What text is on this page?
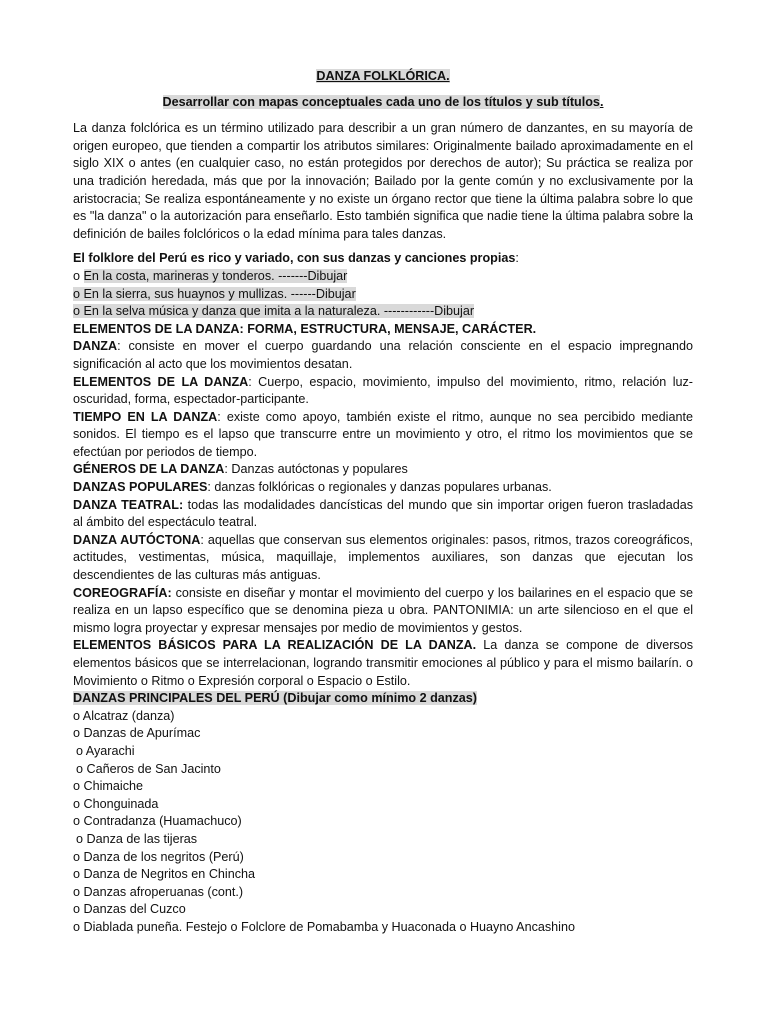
DANZA FOLKLÓRICA.

Desarrollar con mapas conceptuales cada uno de los títulos y sub títulos.

La danza folclórica es un término utilizado para describir a un gran número de danzantes, en su mayoría de origen europeo, que tienden a compartir los atributos similares: Originalmente bailado aproximadamente en el siglo XIX o antes (en cualquier caso, no están protegidos por derechos de autor); Su práctica se realiza por una tradición heredada, más que por la innovación; Bailado por la gente común y no exclusivamente por la aristocracia; Se realiza espontáneamente y no existe un órgano rector que tiene la última palabra sobre lo que es "la danza" o la autorización para enseñarlo. Esto también significa que nadie tiene la última palabra sobre la definición de bailes folclóricos o la edad mínima para tales danzas.

El folklore del Perú es rico y variado, con sus danzas y canciones propias:

o En la costa, marineras y tonderos. -------Dibujar
o En la sierra, sus huaynos y mullizas. ------Dibujar
o En la selva música y danza que imita a la naturaleza. ------------Dibujar

ELEMENTOS DE LA DANZA: FORMA, ESTRUCTURA, MENSAJE, CARÁCTER.

DANZA: consiste en mover el cuerpo guardando una relación consciente en el espacio impregnando significación al acto que los movimientos desatan.

ELEMENTOS DE LA DANZA: Cuerpo, espacio, movimiento, impulso del movimiento, ritmo, relación luz-oscuridad, forma, espectador-participante.

TIEMPO EN LA DANZA: existe como apoyo, también existe el ritmo, aunque no sea percibido mediante sonidos. El tiempo es el lapso que transcurre entre un movimiento y otro, el ritmo los movimientos que se efectúan por periodos de tiempo.

GÉNEROS DE LA DANZA: Danzas autóctonas y populares

DANZAS POPULARES: danzas folklóricas o regionales y danzas populares urbanas.

DANZA TEATRAL: todas las modalidades dancísticas del mundo que sin importar origen fueron trasladadas al ámbito del espectáculo teatral.

DANZA AUTÓCTONA: aquellas que conservan sus elementos originales: pasos, ritmos, trazos coreográficos, actitudes, vestimentas, música, maquillaje, implementos auxiliares, son danzas que ejecutan los descendientes de las culturas más antiguas.

COREOGRAFÍA: consiste en diseñar y montar el movimiento del cuerpo y los bailarines en el espacio que se realiza en un lapso específico que se denomina pieza u obra. PANTONIMIA: un arte silencioso en el que el mismo logra proyectar y expresar mensajes por medio de movimientos y gestos.

ELEMENTOS BÁSICOS PARA LA REALIZACIÓN DE LA DANZA. La danza se compone de diversos elementos básicos que se interrelacionan, logrando transmitir emociones al público y para el mismo bailarín. o Movimiento o Ritmo o Expresión corporal o Espacio o Estilo.

DANZAS PRINCIPALES DEL PERÚ (Dibujar como mínimo 2 danzas)

o Alcatraz (danza)
o Danzas de Apurímac
o Ayarachi
o Cañeros de San Jacinto
o Chimaiche
o Chonguinada
o Contradanza (Huamachuco)
o Danza de las tijeras
o Danza de los negritos (Perú)
o Danza de Negritos en Chincha
o Danzas afroperuanas (cont.)
o Danzas del Cuzco
o Diablada puneña. Festejo o Folclore de Pomabamba y Huaconada o Huayno Ancashino
